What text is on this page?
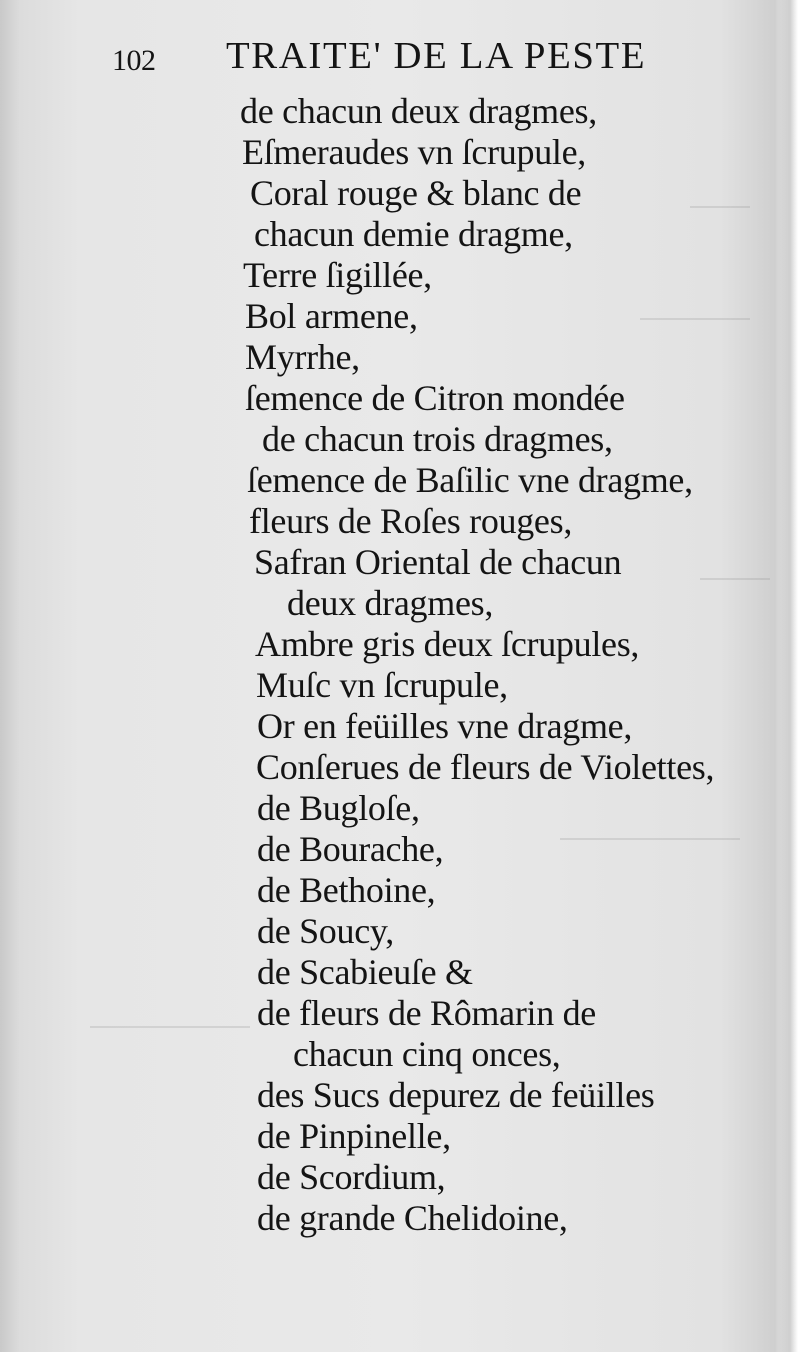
102 TRAITE' DE LA PESTE
de chacun deux dragmes,
Eſmeraudes vn ſcrupule,
Coral rouge & blanc de
chacun demie dragme,
Terre ſigillée,
Bol armene,
Myrrhe,
ſemence de Citron mondée
de chacun trois dragmes,
ſemence de Baſilic vne dragme,
fleurs de Roſes rouges,
Safran Oriental de chacun
deux dragmes,
Ambre gris deux ſcrupules,
Muſc vn ſcrupule,
Or en feüilles vne dragme,
Conſerues de fleurs de Violettes,
de Bugloſe,
de Bourache,
de Bethoine,
de Soucy,
de Scabieuſe &
de fleurs de Rômarin de
chacun cinq onces,
des Sucs depurez de feüilles
de Pinpinelle,
de Scordium,
de grande Chelidoine,
